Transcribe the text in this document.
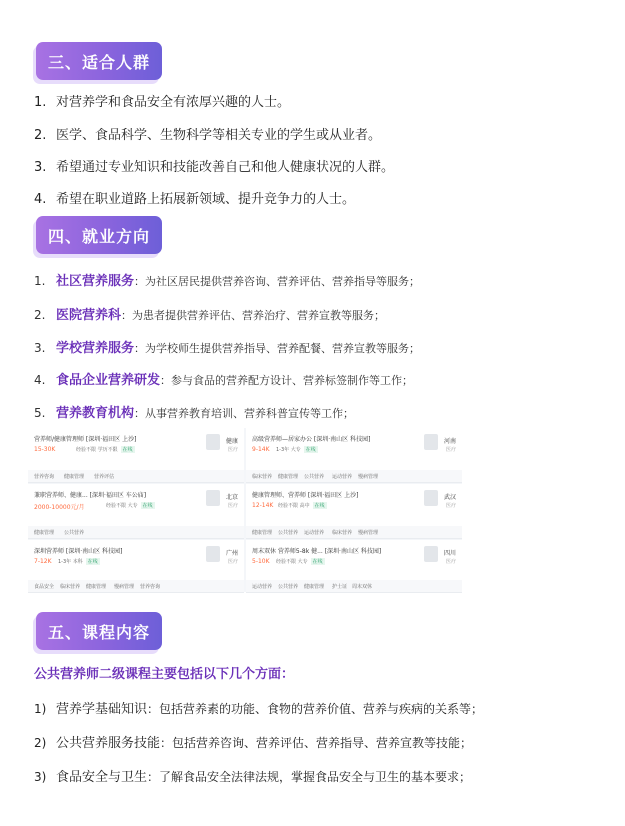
三、适合人群
1. 对营养学和食品安全有浓厚兴趣的人士。
2. 医学、食品科学、生物科学等相关专业的学生或从业者。
3. 希望通过专业知识和技能改善自己和他人健康状况的人群。
4. 希望在职业道路上拓展新领域、提升竞争力的人士。
四、就业方向
1. 社区营养服务：为社区居民提供营养咨询、营养评估、营养指导等服务；
2. 医院营养科：为患者提供营养评估、营养治疗、营养宣教等服务；
3. 学校营养服务：为学校师生提供营养指导、营养配餐、营养宣教等服务；
4. 食品企业营养研发：参与食品的营养配方设计、营养标签制作等工作；
5. 营养教育机构：从事营养教育培训、营养科普宣传等工作；
营养师/健康管理师 [深圳·福田区 上沙]
15-30K	经验不限 学历不限 在线
健康
医疗
营养咨询 健康管理 营养评估
兼职营养师、健康... [深圳·福田区 车公庙]
2000-10000元/月	经验不限 大专 在线
北京
医疗
健康管理 公共营养
深圳营养师 [深圳·南山区 科技园]
7-12K 1-3年 本科 在线
广州
医疗
食品安全 临床营养 健康管理 慢病管理 营养咨询
高级营养师—居家办公 [深圳·南山区 科技园]
9-14K 1-3年 大专 在线
河南
医疗
临床营养 健康管理 公共营养 运动营养 慢病管理
健康管理师、营养师 [深圳·福田区 上沙]
12-14K 经验不限 高中 在线
武汉
医疗
健康管理 公共营养 运动营养 临床营养 慢病管理
周末双休 营养师5-8k 健... [深圳·南山区 科技园]
5-10K 经验不限 大专 在线
四川
医疗
运动营养 公共营养 健康管理 护士证 周末双休
五、课程内容
公共营养师二级课程主要包括以下几个方面：
1) 营养学基础知识：包括营养素的功能、食物的营养价值、营养与疾病的关系等；
2) 公共营养服务技能：包括营养咨询、营养评估、营养指导、营养宣教等技能；
3) 食品安全与卫生：了解食品安全法律法规，掌握食品安全与卫生的基本要求；
